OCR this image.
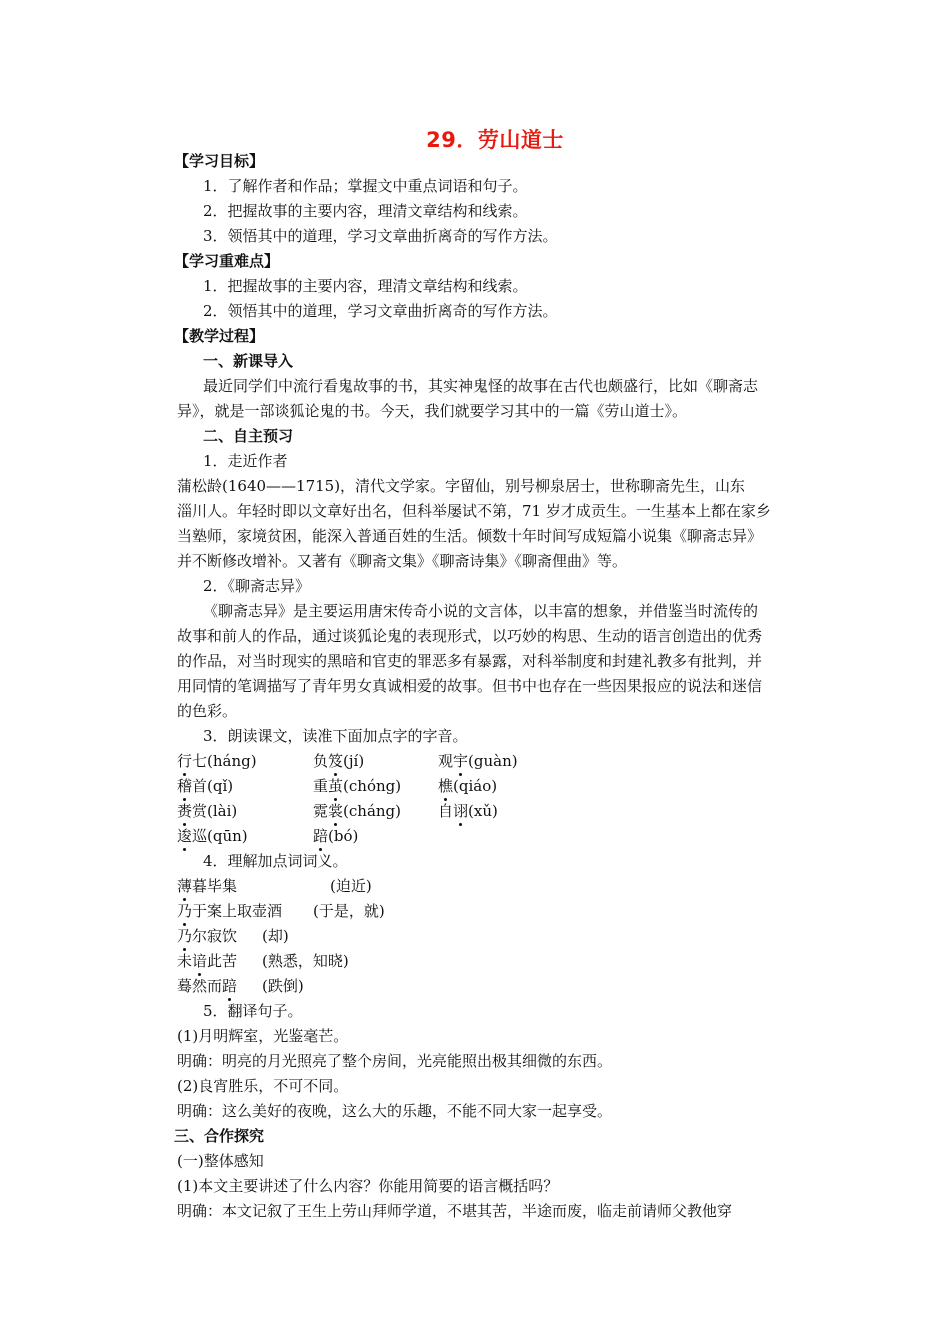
29．劳山道士
【学习目标】
1．了解作者和作品；掌握文中重点词语和句子。
2．把握故事的主要内容，理清文章结构和线索。
3．领悟其中的道理，学习文章曲折离奇的写作方法。
【学习重难点】
1．把握故事的主要内容，理清文章结构和线索。
2．领悟其中的道理，学习文章曲折离奇的写作方法。
【教学过程】
一、新课导入
最近同学们中流行看鬼故事的书，其实神鬼怪的故事在古代也颇盛行，比如《聊斋志
异》，就是一部谈狐论鬼的书。今天，我们就要学习其中的一篇《劳山道士》。
二、自主预习
1．走近作者
蒲松龄(1640——1715)，清代文学家。字留仙，别号柳泉居士，世称聊斋先生，山东
淄川人。年轻时即以文章好出名，但科举屡试不第，71 岁才成贡生。一生基本上都在家乡
当塾师，家境贫困，能深入普通百姓的生活。倾数十年时间写成短篇小说集《聊斋志异》
并不断修改增补。又著有《聊斋文集》《聊斋诗集》《聊斋俚曲》等。
2．《聊斋志异》
《聊斋志异》是主要运用唐宋传奇小说的文言体，以丰富的想象，并借鉴当时流传的
故事和前人的作品，通过谈狐论鬼的表现形式，以巧妙的构思、生动的语言创造出的优秀
的作品，对当时现实的黑暗和官吏的罪恶多有暴露，对科举制度和封建礼教多有批判，并
用同情的笔调描写了青年男女真诚相爱的故事。但书中也存在一些因果报应的说法和迷信
的色彩。
3．朗读课文，读准下面加点字的字音。
行七(háng)	负笈(jí)	观宇(guàn)
稽首(qǐ)	重茧(chóng) 樵(qiáo)
赉赏(lài)	霓裳(cháng) 自诩(xǔ)
逡巡(qūn)	踣(bó)
4．理解加点词词义。
薄暮毕集	(迫近)
乃于案上取壶酒 (于是，就)
乃尔寂饮 (却)
未谙此苦 (熟悉，知晓)
蓦然而踣 (跌倒)
5．翻译句子。
(1)月明辉室，光鉴毫芒。
明确：明亮的月光照亮了整个房间，光亮能照出极其细微的东西。
(2)良宵胜乐，不可不同。
明确：这么美好的夜晚，这么大的乐趣，不能不同大家一起享受。
三、合作探究
(一)整体感知
(1)本文主要讲述了什么内容？你能用简要的语言概括吗？
明确：本文记叙了王生上劳山拜师学道，不堪其苦，半途而废，临走前请师父教他穿
